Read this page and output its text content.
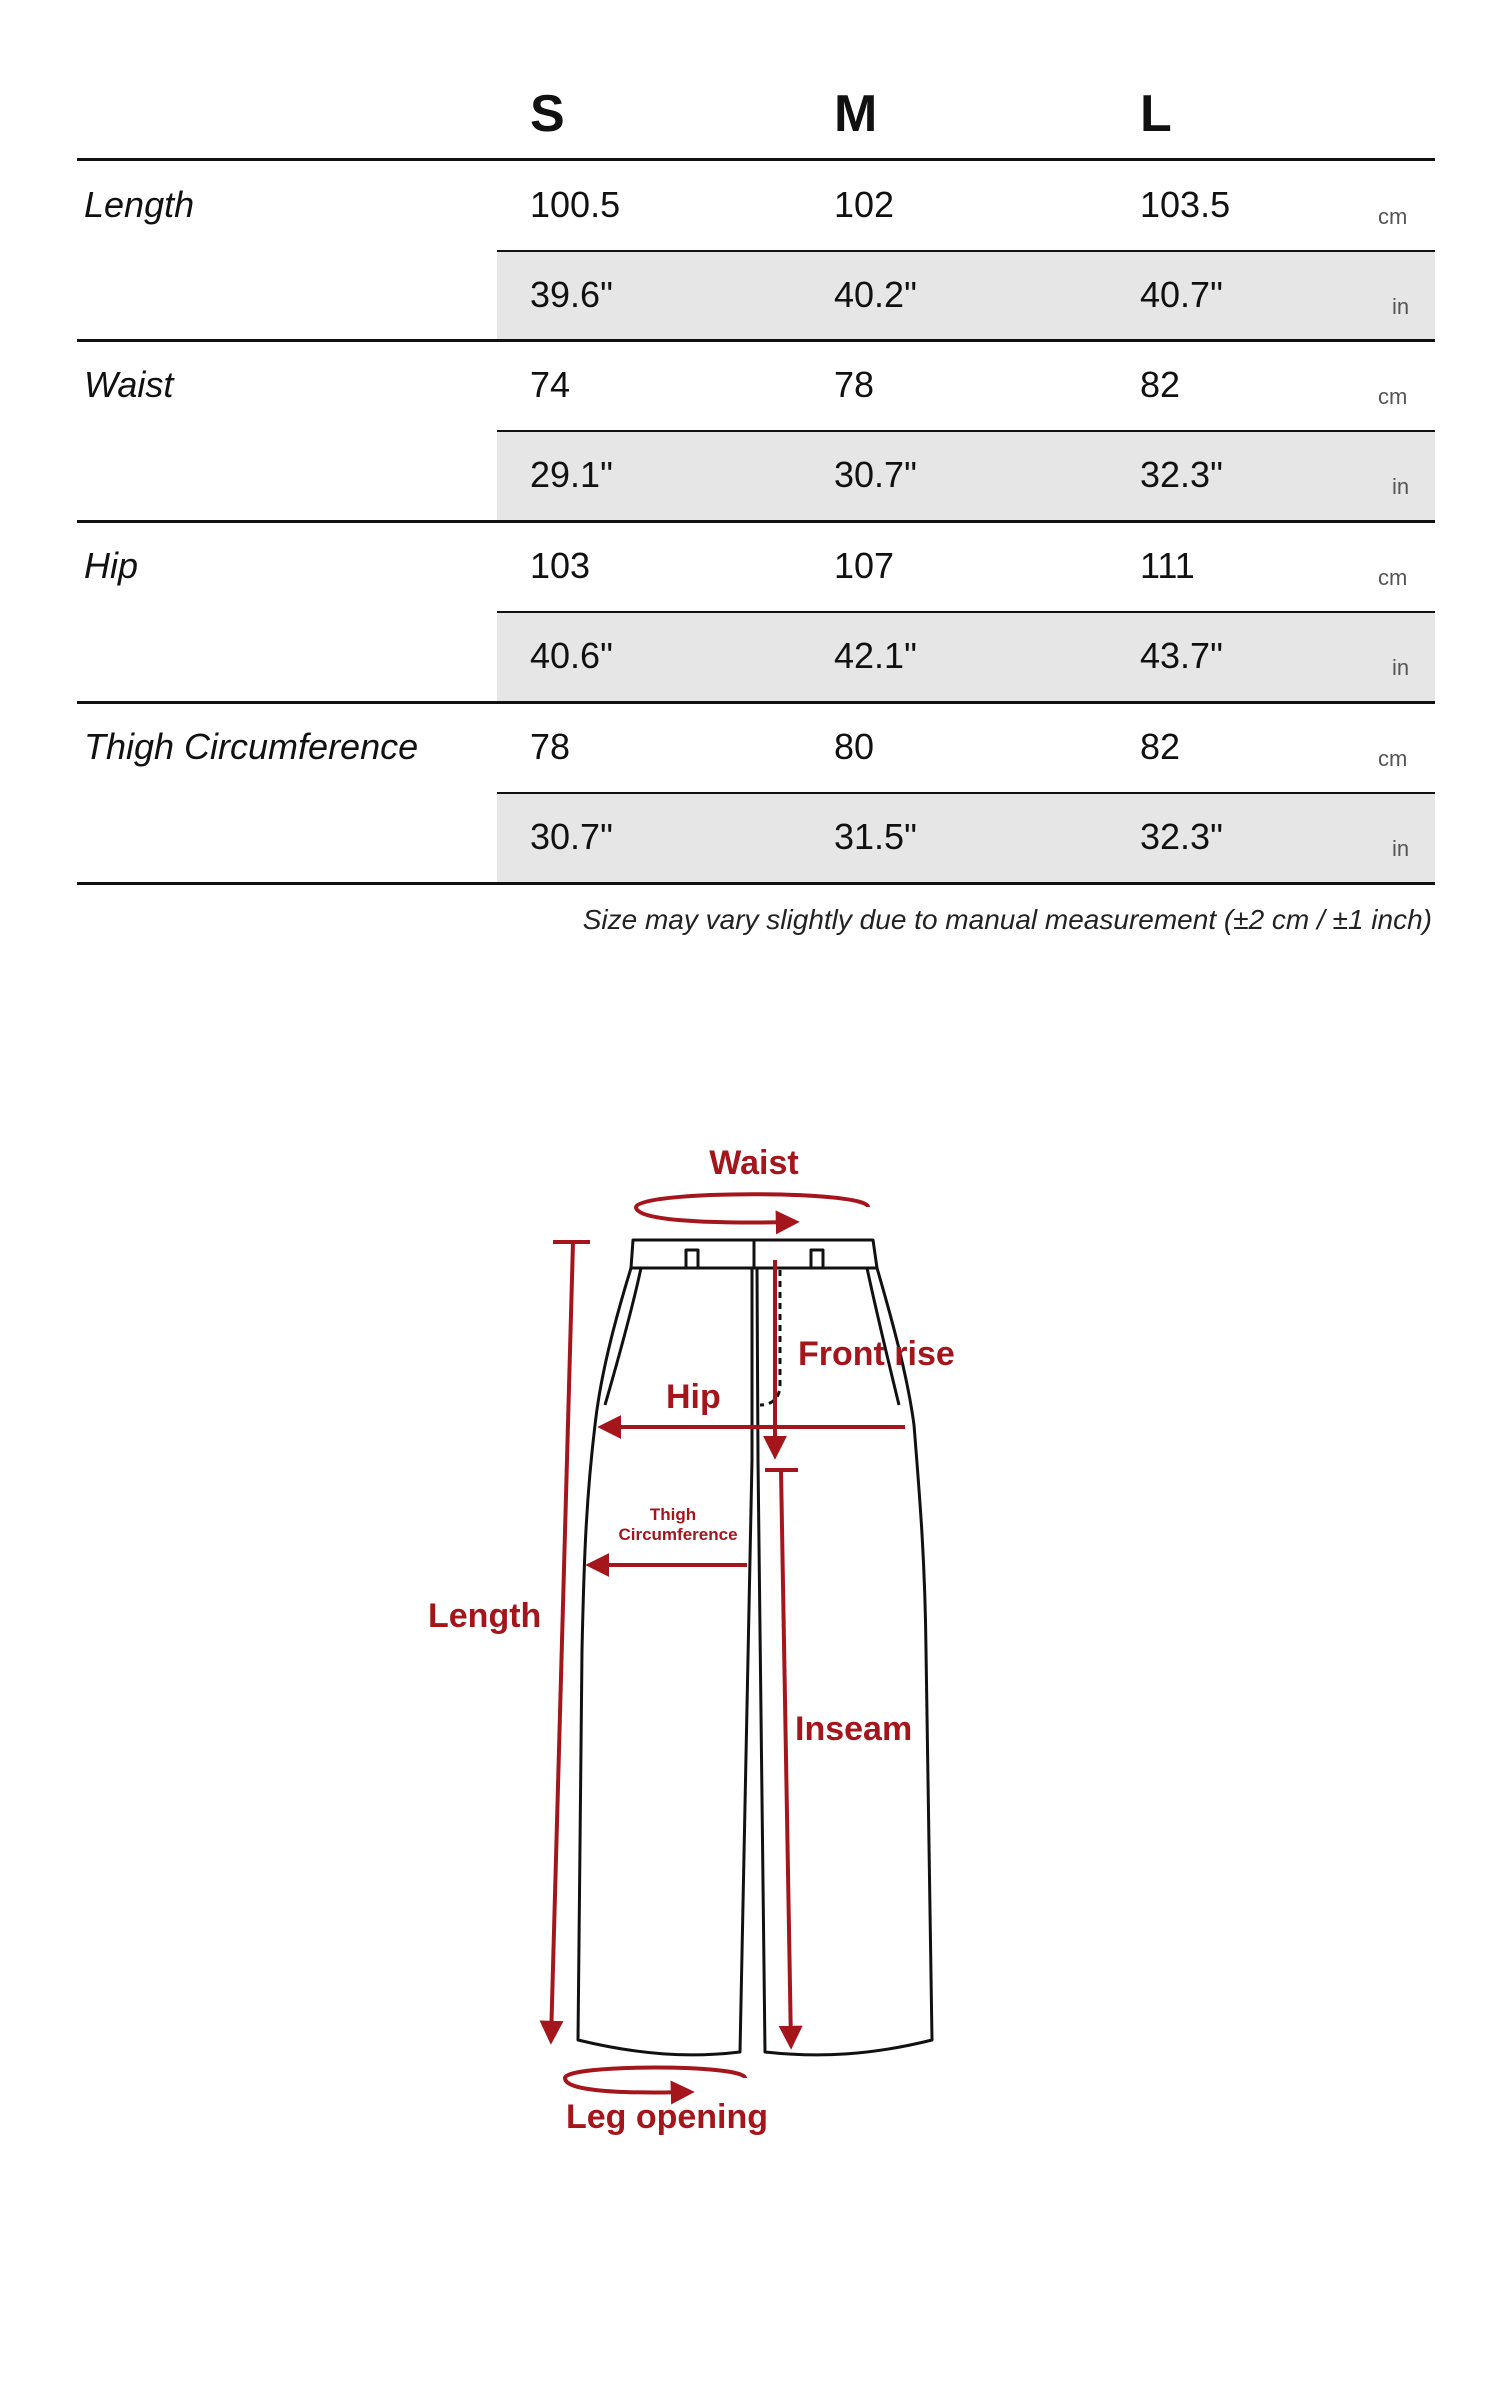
S	M	L
Length	100.5	102	103.5	cm
39.6"	40.2"	40.7"	in
Waist	74	78	82	cm
29.1"	30.7"	32.3"	in
Hip	103	107	111	cm
40.6"	42.1"	43.7"	in
Thigh Circumference	78	80	82	cm
30.7"	31.5"	32.3"	in
Size may vary slightly due to manual measurement (±2 cm / ±1 inch)
Waist
Front rise
Hip
Thigh
Circumference
Length
Inseam
Leg opening
